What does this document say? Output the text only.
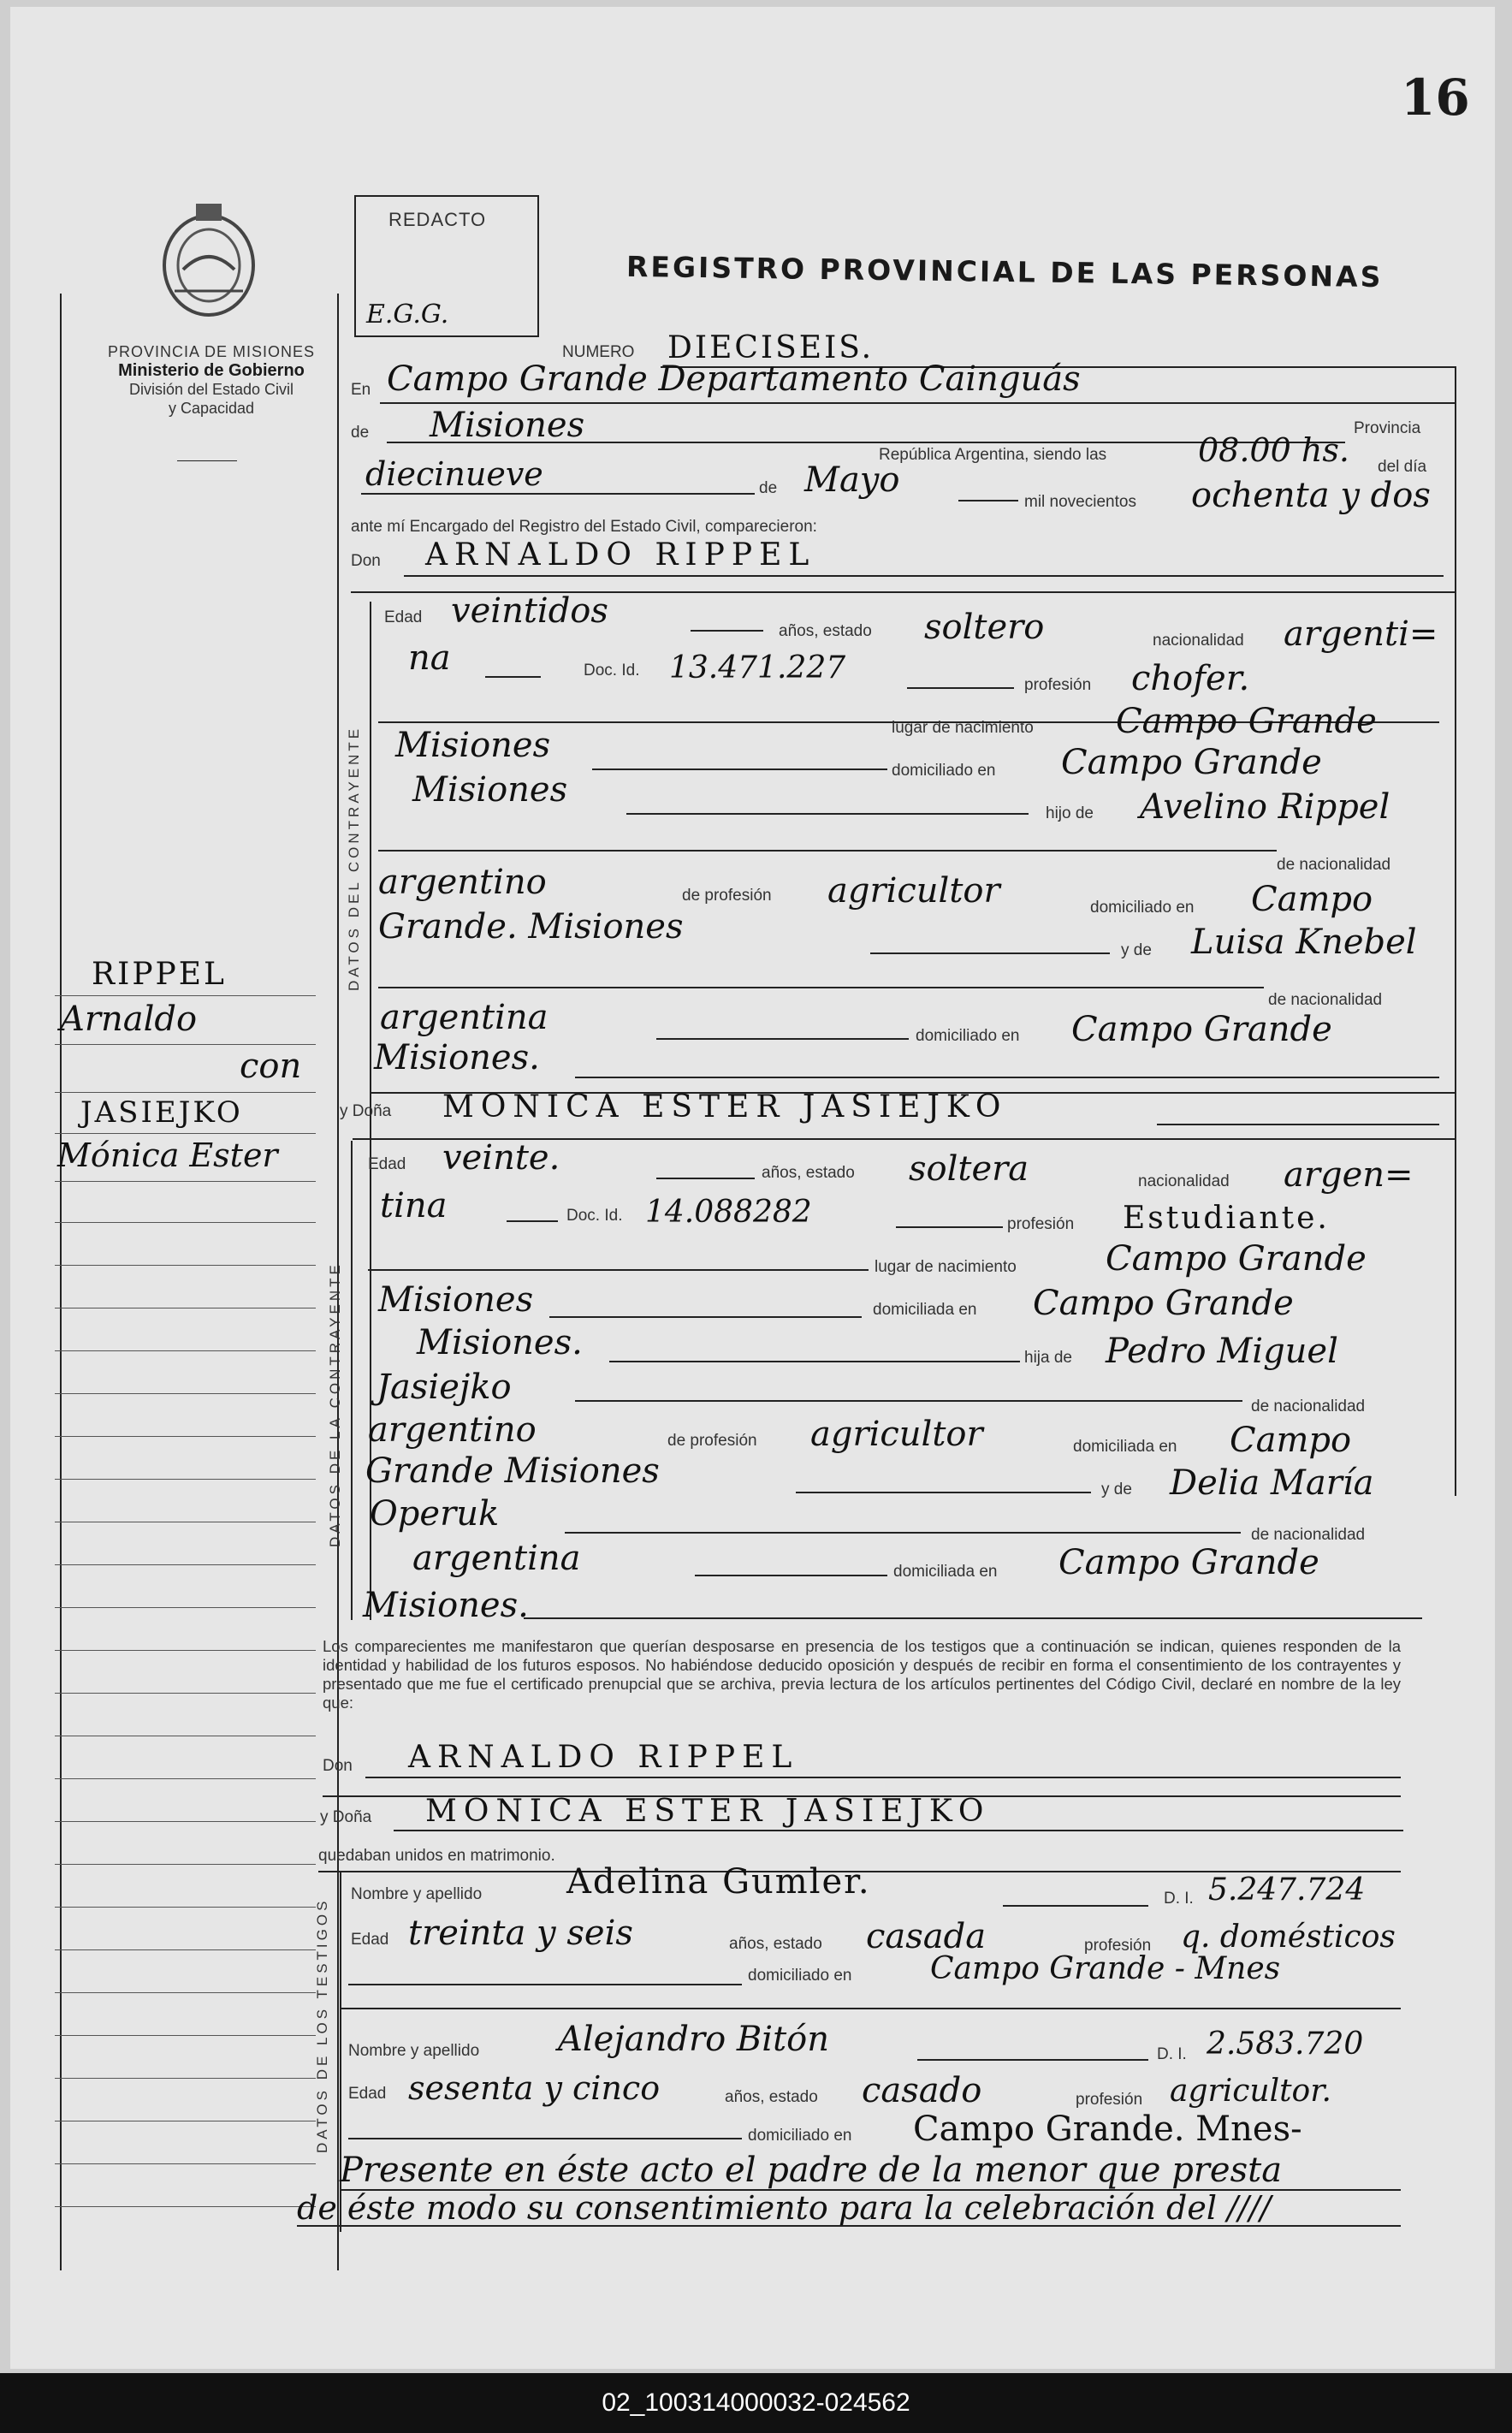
16
PROVINCIA DE MISIONES
Ministerio de Gobierno
División del Estado Civil
y Capacidad
REDACTO
E.G.G.
REGISTRO PROVINCIAL DE LAS PERSONAS
RIPPEL
Arnaldo
con
JASIEJKO
Mónica Ester
NUMERO DIECISEIS.
En Campo Grande Departamento Cainguás
de Misiones	Provincia
República Argentina, siendo las	08.00 hs. del día
diecinueve	de Mayo
mil novecientos ochenta y dos
ante mí Encargado del Registro del Estado Civil, comparecieron:
Don ARNALDO RIPPEL
DATOS DEL CONTRAYENTE
Edad veintidos
años, estado soltero	nacionalidad argenti=
na	Doc. Id. 13.471.227	profesión chofer.
lugar de nacimiento Campo Grande
Misiones
domiciliado en Campo Grande
Misiones
hijo de Avelino Rippel
de nacionalidad
argentino	de profesión agricultor	domiciliado en Campo
Grande. Misiones
y de Luisa Knebel
de nacionalidad
argentina	domiciliado en Campo Grande
Misiones.
y Doña MONICA ESTER JASIEJKO
DATOS DE LA CONTRAYENTE
Edad veinte.	años, estado soltera	nacionalidad argen=
tina	Doc. Id. 14.088282	profesión Estudiante.
lugar de nacimiento	Campo Grande
Misiones	domiciliada en Campo Grande
Misiones.	hija de Pedro Miguel
Jasiejko	de nacionalidad
argentino	de profesión agricultor	domiciliada en Campo
Grande Misiones	y de Delia María
Operuk
de nacionalidad
argentina	domiciliada en Campo Grande
Misiones.
Los comparecientes me manifestaron que querían desposarse en presencia de los testigos que a continuación se indican, quienes responden de la identidad y habilidad de los futuros esposos. No habiéndose deducido oposición y después de recibir en forma el consentimiento de los contrayentes y presentado que me fue el certificado prenupcial que se archiva, previa lectura de los artículos pertinentes del Código Civil, declaré en nombre de la ley que:
Don ARNALDO RIPPEL
y Doña MONICA ESTER JASIEJKO
quedaban unidos en matrimonio.
DATOS DE LOS TESTIGOS
Nombre y apellido Adelina Gumler.	D. I. 5.247.724
Edad treinta y seis	años, estado casada	profesión q. domésticos
domiciliado en	Campo Grande - Mnes
Nombre y apellido Alejandro Bitón	D. I. 2.583.720
Edad sesenta y cinco	años, estado casado	profesión agricultor.
domiciliado en Campo Grande. Mnes-
Presente en éste acto el padre de la menor que presta
de éste modo su consentimiento para la celebración del ////
02_100314000032-024562
